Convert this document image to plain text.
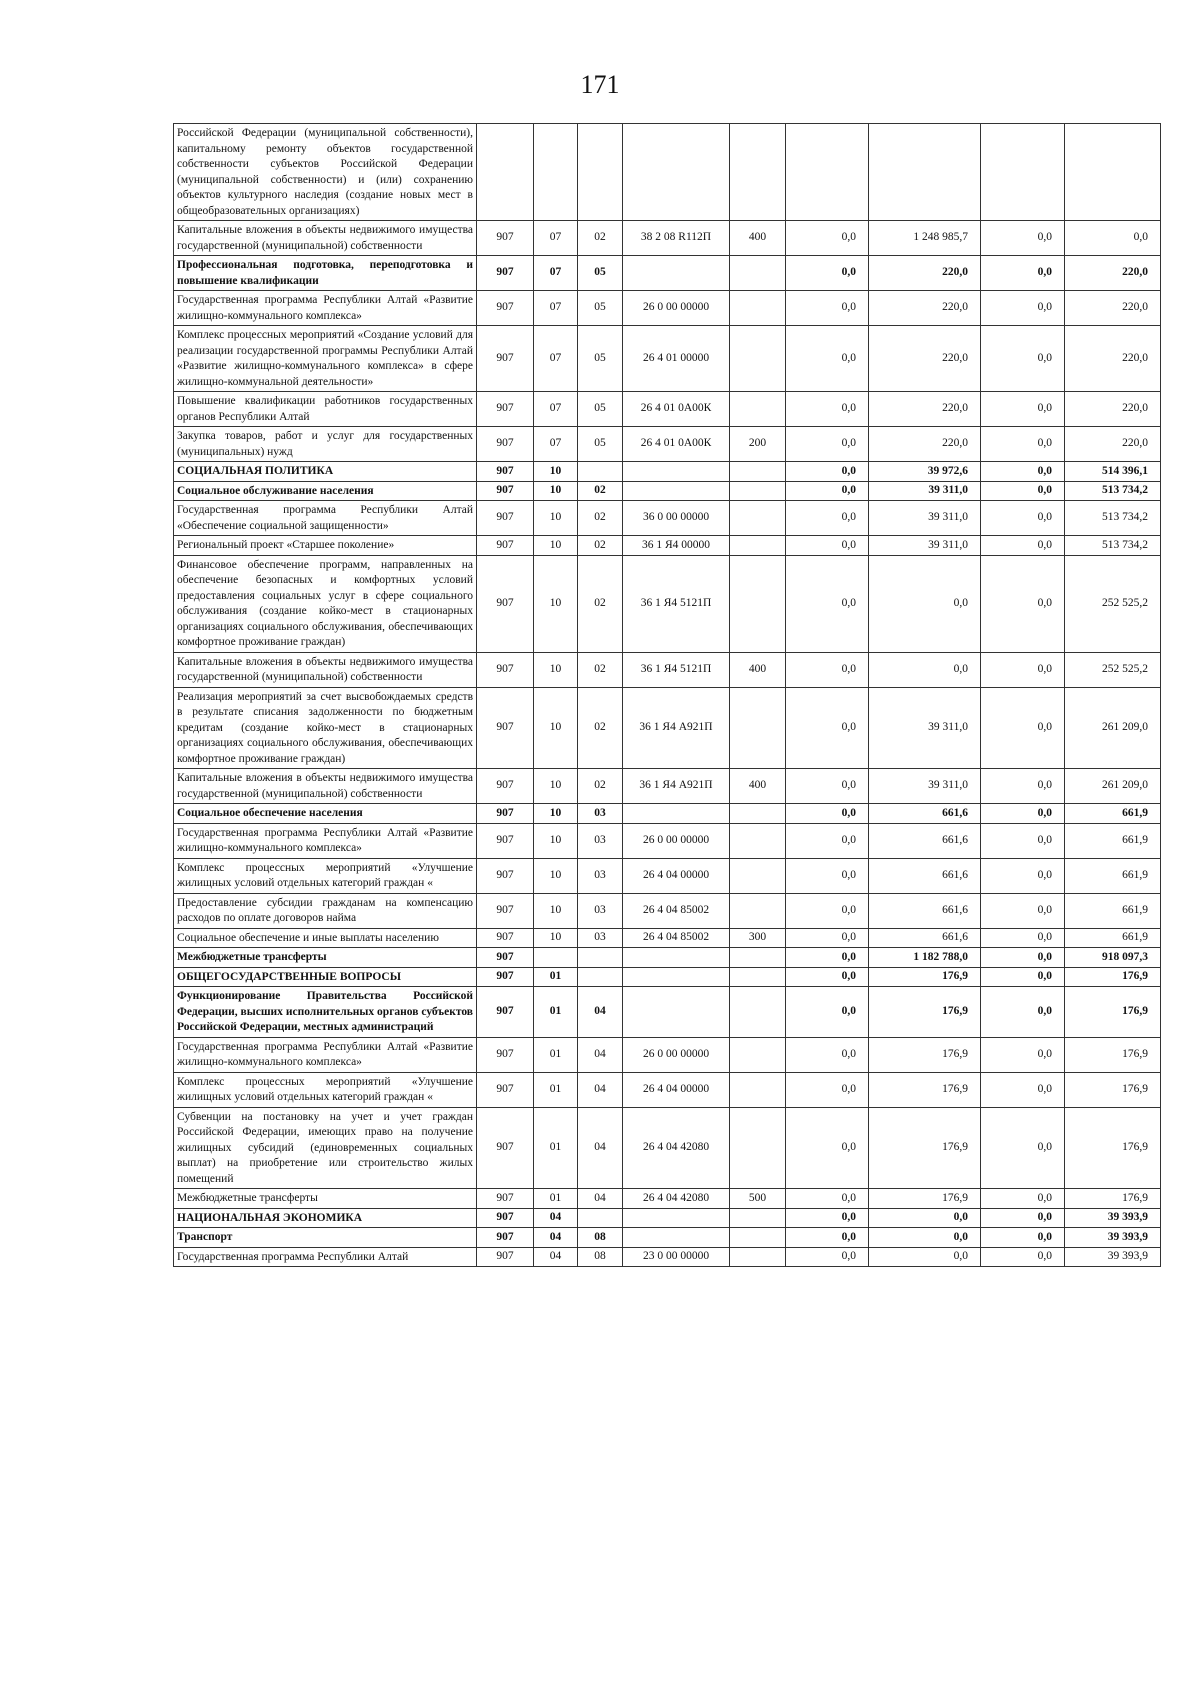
171
Российской Федерации (муниципальной собственности), капитальному ремонту объектов государственной собственности субъектов Российской Федерации (муниципальной собственности) и (или) сохранению объектов культурного наследия (создание новых мест в общеобразовательных организациях)									
Капитальные вложения в объекты недвижимого имущества государственной (муниципальной) собственности	907	07	02	38 2 08 R112П	400	0,0	1 248 985,7	0,0	0,0
Профессиональная подготовка, переподготовка и повышение квалификации	907	07	05			0,0	220,0	0,0	220,0
Государственная программа Республики Алтай «Развитие жилищно-коммунального комплекса»	907	07	05	26 0 00 00000		0,0	220,0	0,0	220,0
Комплекс процессных мероприятий «Создание условий для реализации государственной программы Республики Алтай «Развитие жилищно-коммунального комплекса» в сфере жилищно-коммунальной деятельности»	907	07	05	26 4 01 00000		0,0	220,0	0,0	220,0
Повышение квалификации работников государственных органов Республики Алтай	907	07	05	26 4 01 0А00К		0,0	220,0	0,0	220,0
Закупка товаров, работ и услуг для государственных (муниципальных) нужд	907	07	05	26 4 01 0А00К	200	0,0	220,0	0,0	220,0
СОЦИАЛЬНАЯ ПОЛИТИКА	907	10				0,0	39 972,6	0,0	514 396,1
Социальное обслуживание населения	907	10	02			0,0	39 311,0	0,0	513 734,2
Государственная программа Республики Алтай «Обеспечение социальной защищенности»	907	10	02	36 0 00 00000		0,0	39 311,0	0,0	513 734,2
Региональный проект «Старшее поколение»	907	10	02	36 1 Я4 00000		0,0	39 311,0	0,0	513 734,2
Финансовое обеспечение программ, направленных на обеспечение безопасных и комфортных условий предоставления социальных услуг в сфере социального обслуживания (создание койко-мест в стационарных организациях социального обслуживания, обеспечивающих комфортное проживание граждан)	907	10	02	36 1 Я4 5121П		0,0	0,0	0,0	252 525,2
Капитальные вложения в объекты недвижимого имущества государственной (муниципальной) собственности	907	10	02	36 1 Я4 5121П	400	0,0	0,0	0,0	252 525,2
Реализация мероприятий за счет высвобождаемых средств в результате списания задолженности по бюджетным кредитам (создание койко-мест в стационарных организациях социального обслуживания, обеспечивающих комфортное проживание граждан)	907	10	02	36 1 Я4 А921П		0,0	39 311,0	0,0	261 209,0
Капитальные вложения в объекты недвижимого имущества государственной (муниципальной) собственности	907	10	02	36 1 Я4 А921П	400	0,0	39 311,0	0,0	261 209,0
Социальное обеспечение населения	907	10	03			0,0	661,6	0,0	661,9
Государственная программа Республики Алтай «Развитие жилищно-коммунального комплекса»	907	10	03	26 0 00 00000		0,0	661,6	0,0	661,9
Комплекс процессных мероприятий «Улучшение жилищных условий отдельных категорий граждан «	907	10	03	26 4 04 00000		0,0	661,6	0,0	661,9
Предоставление субсидии гражданам на компенсацию расходов по оплате договоров найма	907	10	03	26 4 04 85002		0,0	661,6	0,0	661,9
Социальное обеспечение и иные выплаты населению	907	10	03	26 4 04 85002	300	0,0	661,6	0,0	661,9
Межбюджетные трансферты	907					0,0	1 182 788,0	0,0	918 097,3
ОБЩЕГОСУДАРСТВЕННЫЕ ВОПРОСЫ	907	01				0,0	176,9	0,0	176,9
Функционирование Правительства Российской Федерации, высших исполнительных органов субъектов Российской Федерации, местных администраций	907	01	04			0,0	176,9	0,0	176,9
Государственная программа Республики Алтай «Развитие жилищно-коммунального комплекса»	907	01	04	26 0 00 00000		0,0	176,9	0,0	176,9
Комплекс процессных мероприятий «Улучшение жилищных условий отдельных категорий граждан «	907	01	04	26 4 04 00000		0,0	176,9	0,0	176,9
Субвенции на постановку на учет и учет граждан Российской Федерации, имеющих право на получение жилищных субсидий (единовременных социальных выплат) на приобретение или строительство жилых помещений	907	01	04	26 4 04 42080		0,0	176,9	0,0	176,9
Межбюджетные трансферты	907	01	04	26 4 04 42080	500	0,0	176,9	0,0	176,9
НАЦИОНАЛЬНАЯ ЭКОНОМИКА	907	04				0,0	0,0	0,0	39 393,9
Транспорт	907	04	08			0,0	0,0	0,0	39 393,9
Государственная программа Республики Алтай	907	04	08	23 0 00 00000		0,0	0,0	0,0	39 393,9
